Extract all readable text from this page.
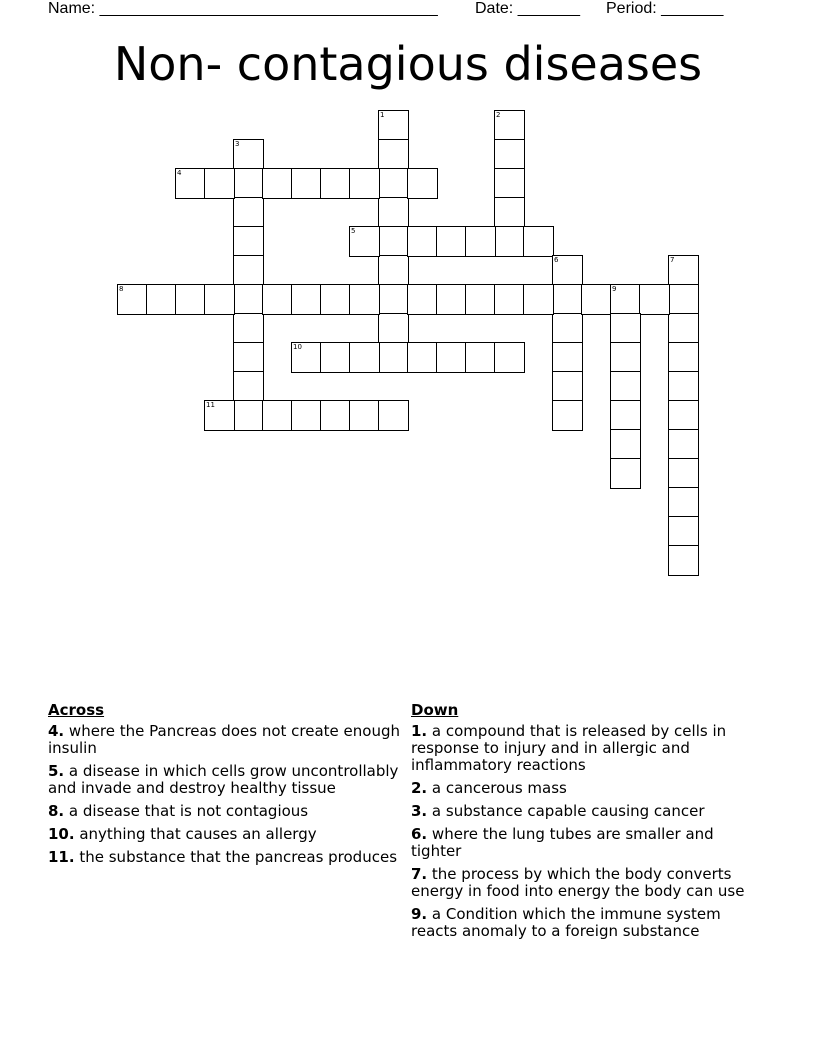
Name: ______________________________________ Date: _______ Period: _______
Non- contagious diseases
1	2
3
4
5
6	7
8	9
10
11
Across
4. where the Pancreas does not create enough insulin
5. a disease in which cells grow uncontrollably and invade and destroy healthy tissue
8. a disease that is not contagious
10. anything that causes an allergy
11. the substance that the pancreas produces
Down
1. a compound that is released by cells in response to injury and in allergic and inflammatory reactions
2. a cancerous mass
3. a substance capable causing cancer
6. where the lung tubes are smaller and tighter
7. the process by which the body converts energy in food into energy the body can use
9. a Condition which the immune system reacts anomaly to a foreign substance
